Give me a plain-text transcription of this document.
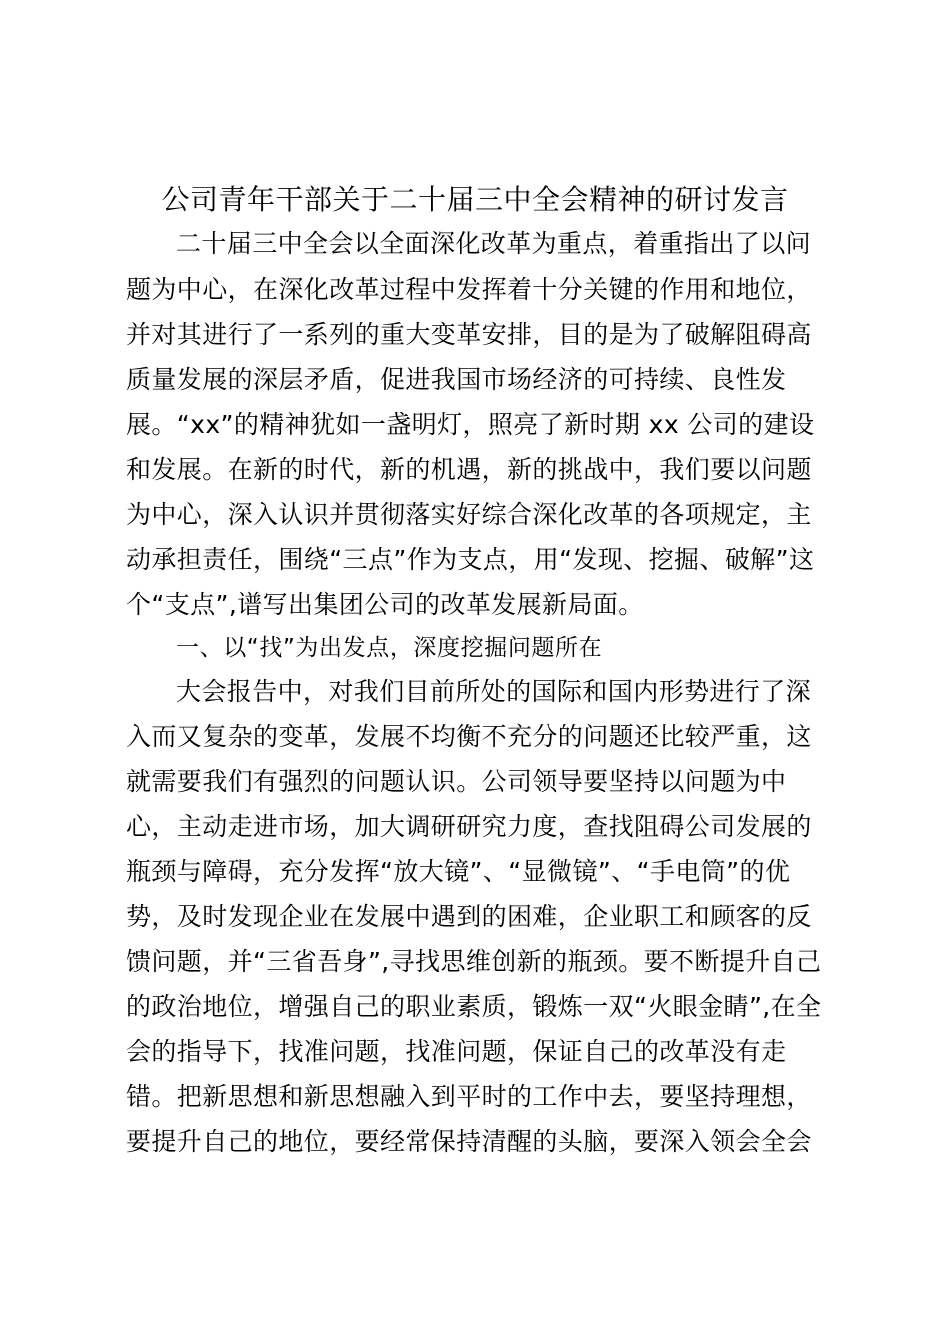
公司青年干部关于二十届三中全会精神的研讨发言
二十届三中全会以全面深化改革为重点，着重指出了以问
题为中心，在深化改革过程中发挥着十分关键的作用和地位，
并对其进行了一系列的重大变革安排，目的是为了破解阻碍高
质量发展的深层矛盾，促进我国市场经济的可持续、良性发
展。“xx”的精神犹如一盏明灯，照亮了新时期 xx 公司的建设
和发展。在新的时代，新的机遇，新的挑战中，我们要以问题
为中心，深入认识并贯彻落实好综合深化改革的各项规定，主
动承担责任，围绕“三点”作为支点，用“发现、挖掘、破解”这
个“支点”,谱写出集团公司的改革发展新局面。
一、以“找”为出发点，深度挖掘问题所在
大会报告中，对我们目前所处的国际和国内形势进行了深
入而又复杂的变革，发展不均衡不充分的问题还比较严重，这
就需要我们有强烈的问题认识。公司领导要坚持以问题为中
心，主动走进市场，加大调研研究力度，查找阻碍公司发展的
瓶颈与障碍，充分发挥“放大镜”、“显微镜”、“手电筒”的优
势，及时发现企业在发展中遇到的困难，企业职工和顾客的反
馈问题，并“三省吾身”,寻找思维创新的瓶颈。要不断提升自己
的政治地位，增强自己的职业素质，锻炼一双“火眼金睛”,在全
会的指导下，找准问题，找准问题，保证自己的改革没有走
错。把新思想和新思想融入到平时的工作中去，要坚持理想，
要提升自己的地位，要经常保持清醒的头脑，要深入领会全会
